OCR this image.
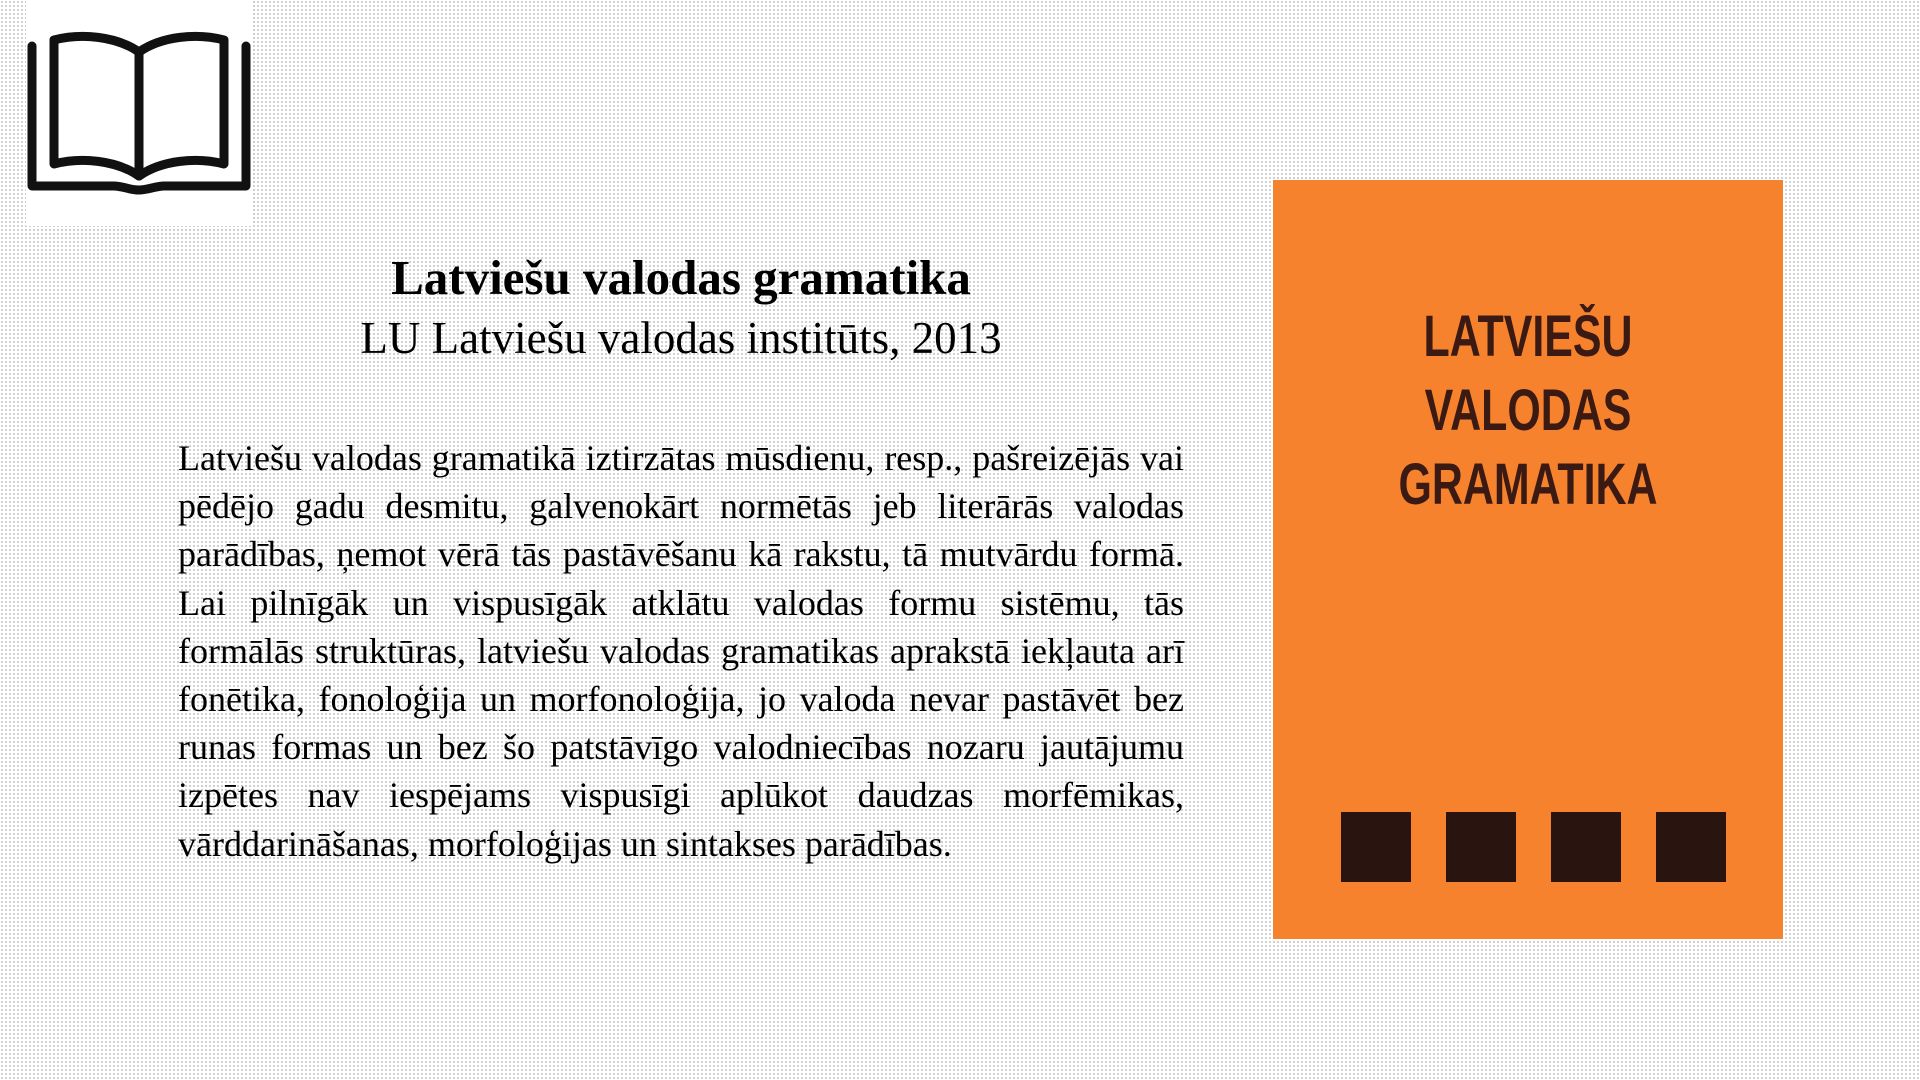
Latviešu valodas gramatika

LU Latviešu valodas institūts, 2013

Latviešu valodas gramatikā iztirzātas mūsdienu, resp., pašreizējās vai pēdējo gadu desmitu, galvenokārt normētās jeb literārās valodas parādības, ņemot vērā tās pastāvēšanu kā rakstu, tā mutvārdu formā. Lai pilnīgāk un vispusīgāk atklātu valodas formu sistēmu, tās formālās struktūras, latviešu valodas gramatikas aprakstā iekļauta arī fonētika, fonoloģija un morfonoloģija, jo valoda nevar pastāvēt bez runas formas un bez šo patstāvīgo valodniecības nozaru jautājumu izpētes nav iespējams vispusīgi aplūkot daudzas morfēmikas, vārddarināšanas, morfoloģijas un sintakses parādības.

LATVIEŠU VALODAS
GRAMATIKA
